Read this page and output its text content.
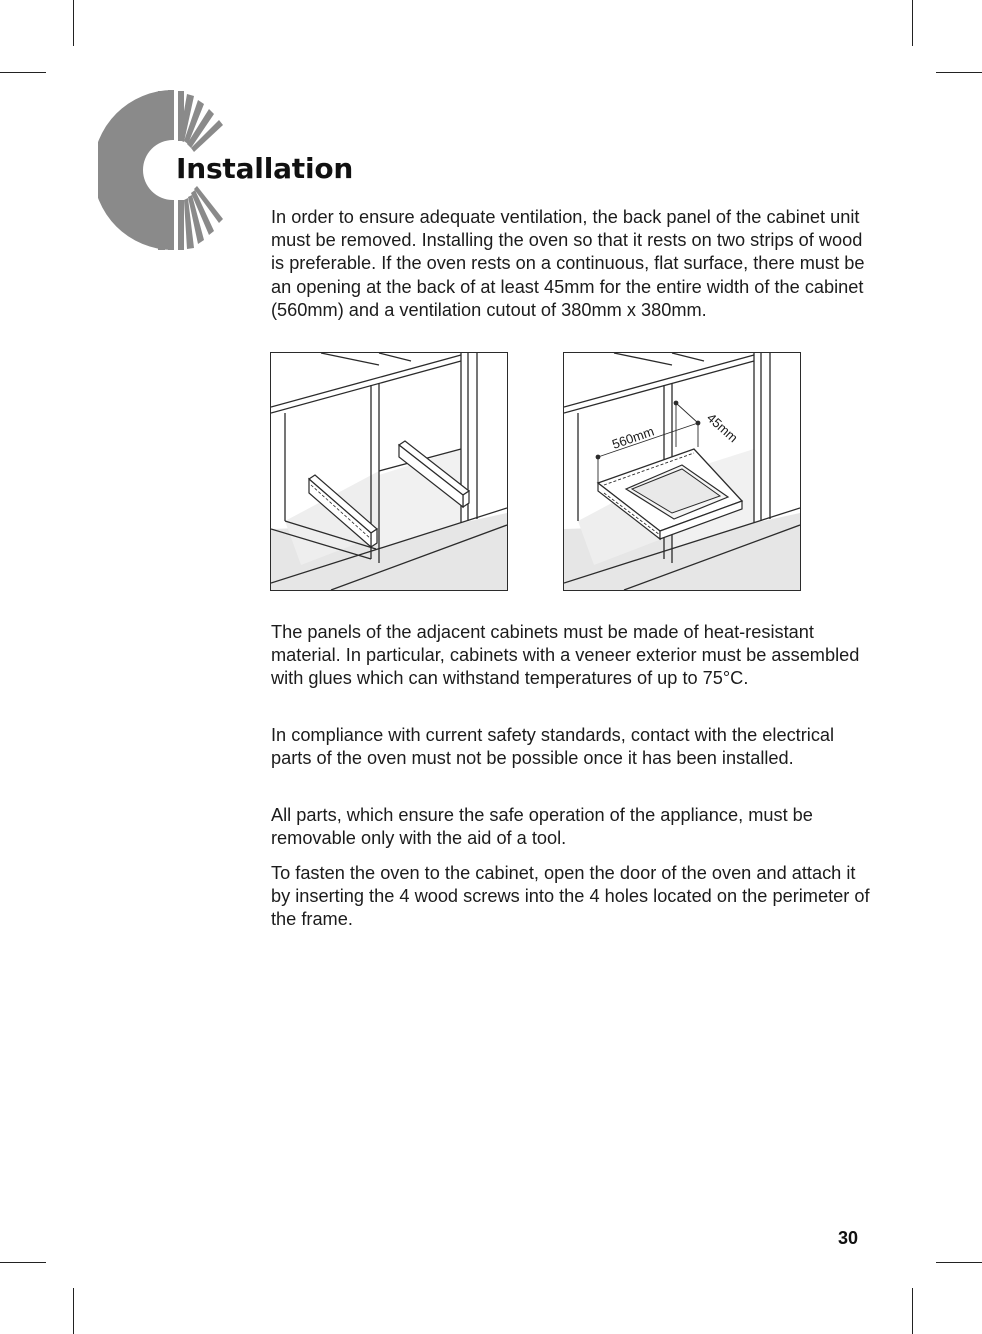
Installation

In order to ensure adequate ventilation, the back panel of the cabinet unit must be removed. Installing the oven so that it rests on two strips of wood is preferable. If the oven rests on a continuous, flat surface, there must be an opening at the back of at least 45mm for the entire width of the cabinet (560mm) and a ventilation cutout of 380mm x 380mm.

560mm	45mm

The panels of the adjacent cabinets must be made of heat-resistant material. In particular, cabinets with a veneer exterior must be assembled with glues which can withstand temperatures of up to 75°C.

In compliance with current safety standards, contact with the electrical parts of the oven must not be possible once it has been installed.

All parts, which ensure the safe operation of the appliance, must be removable only with the aid of a tool.

To fasten the oven to the cabinet, open the door of the oven and attach it by inserting the 4 wood screws into the 4 holes located on the perimeter of the frame.

30
